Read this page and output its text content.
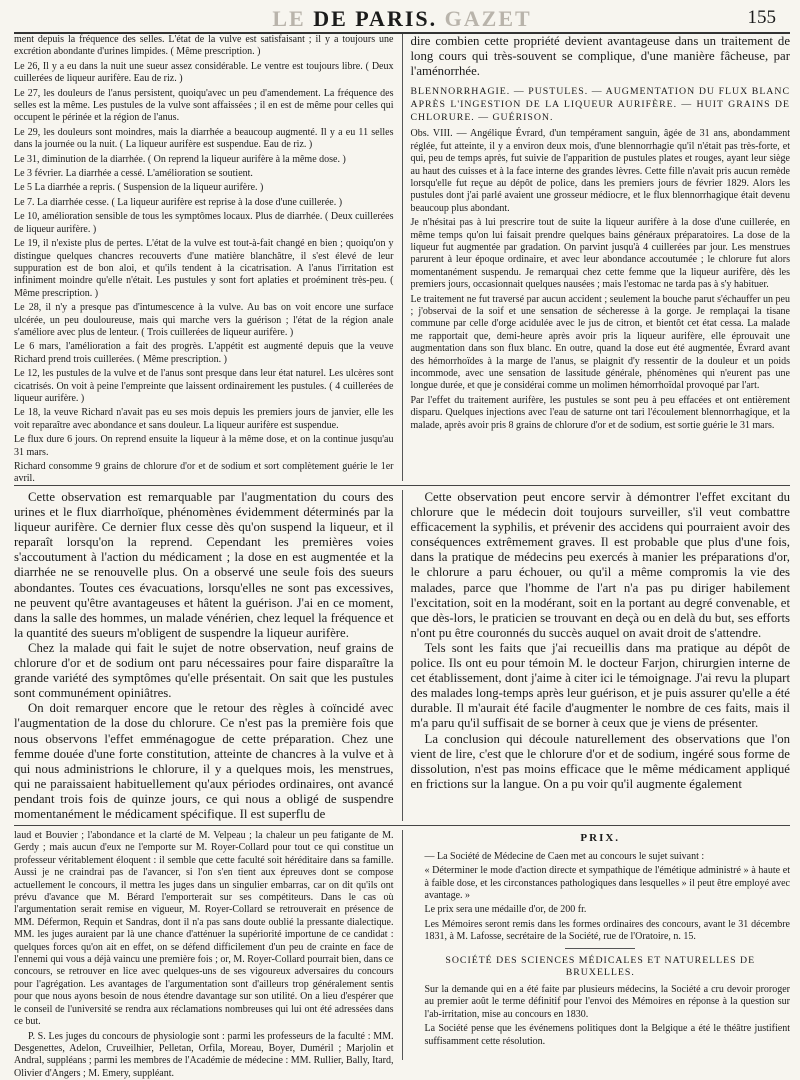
LE DE PARIS. GAZET	155

ment depuis la fréquence des selles. L'état de la vulve est satisfaisant ; il y a toujours une excrétion abondante d'urines limpides. ( Même prescription. )

Le 26, Il y a eu dans la nuit une sueur assez considérable. Le ventre est toujours libre. ( Deux cuillerées de liqueur aurifère. Eau de riz. )

Le 27, les douleurs de l'anus persistent, quoiqu'avec un peu d'amendement. La fréquence des selles est la même. Les pustules de la vulve sont affaissées ; il en est de même pour celles qui occupent le périnée et la région de l'anus.

Le 29, les douleurs sont moindres, mais la diarrhée a beaucoup augmenté. Il y a eu 11 selles dans la journée ou la nuit. ( La liqueur aurifère est suspendue. Eau de riz. )

Le 31, diminution de la diarrhée. ( On reprend la liqueur aurifère à la même dose. )

Le 3 février. La diarrhée a cessé. L'amélioration se soutient.

Le 5 La diarrhée a repris. ( Suspension de la liqueur aurifère. )

Le 7. La diarrhée cesse. ( La liqueur aurifère est reprise à la dose d'une cuillerée. )

Le 10, amélioration sensible de tous les symptômes locaux. Plus de diarrhée. ( Deux cuillerées de liqueur aurifère. )

Le 19, il n'existe plus de pertes. L'état de la vulve est tout-à-fait changé en bien ; quoiqu'on y distingue quelques chancres recouverts d'une matière blanchâtre, il s'est élevé de leur suppuration est de bon aloi, et qu'ils tendent à la cicatrisation. A l'anus l'irritation est infiniment moindre qu'elle n'était. Les pustules y sont fort aplaties et proéminent très-peu. ( Même prescription. )

Le 28, il n'y a presque pas d'intumescence à la vulve. Au bas on voit encore une surface ulcérée, un peu douloureuse, mais qui marche vers la guérison ; l'état de la région anale s'améliore avec plus de lenteur. ( Trois cuillerées de liqueur aurifère. )

Le 6 mars, l'amélioration a fait des progrès. L'appétit est augmenté depuis que la veuve Richard prend trois cuillerées. ( Même prescription. )

Le 12, les pustules de la vulve et de l'anus sont presque dans leur état naturel. Les ulcères sont cicatrisés. On voit à peine l'empreinte que laissent ordinairement les pustules. ( 4 cuillerées de liqueur aurifère. )

Le 18, la veuve Richard n'avait pas eu ses mois depuis les premiers jours de janvier, elle les voit reparaître avec abondance et sans douleur. La liqueur aurifère est suspendue.

Le flux dure 6 jours. On reprend ensuite la liqueur à la même dose, et on la continue jusqu'au 31 mars.

Richard consomme 9 grains de chlorure d'or et de sodium et sort complètement guérie le 1er avril.

dire combien cette propriété devient avantageuse dans un traitement de long cours qui très-souvent se complique, d'une manière fâcheuse, par l'aménorrhée.

BLENNORRHAGIE. — PUSTULES. — AUGMENTATION DU FLUX BLANC APRÈS L'INGESTION DE LA LIQUEUR AURIFÈRE. — HUIT GRAINS DE CHLORURE. — GUÉRISON.

Obs. VIII. — Angélique Évrard, d'un tempérament sanguin, âgée de 31 ans, abondamment réglée, fut atteinte, il y a environ deux mois, d'une blennorrhagie qu'il n'était pas très-forte, et qui, peu de temps après, fut suivie de l'apparition de pustules plates et rouges, ayant leur siège au haut des cuisses et à la face interne des grandes lèvres. Cette fille n'avait pris aucun remède lorsqu'elle fut reçue au dépôt de police, dans les premiers jours de février 1829. Alors les pustules dont j'ai parlé avaient une grosseur médiocre, et le flux blennorrhagique était devenu beaucoup plus abondant.

Je n'hésitai pas à lui prescrire tout de suite la liqueur aurifère à la dose d'une cuillerée, en même temps qu'on lui faisait prendre quelques bains généraux préparatoires. La dose de la liqueur fut augmentée par gradation. On parvint jusqu'à 4 cuillerées par jour. Les menstrues parurent à leur époque ordinaire, et avec leur abondance accoutumée ; le chlorure fut alors momentanément suspendu. Je remarquai chez cette femme que la liqueur aurifère, dès les premiers jours, occasionnait quelques nausées ; mais l'estomac ne tarda pas à s'y habituer.

Le traitement ne fut traversé par aucun accident ; seulement la bouche parut s'échauffer un peu ; j'observai de la soif et une sensation de sécheresse à la gorge. Je remplaçai la tisane commune par celle d'orge acidulée avec le jus de citron, et bientôt cet état cessa. La malade me rapportait que, demi-heure après avoir pris la liqueur aurifère, elle éprouvait une augmentation dans son flux blanc. En outre, quand la dose eut été augmentée, Évrard avant des hémorrhoïdes à la marge de l'anus, se plaignit d'y ressentir de la douleur et un poids incommode, avec une sensation de lassitude générale, phénomènes qui n'eurent pas une longue durée, et que je considérai comme un molimen hémorrhoïdal provoqué par l'art.

Par l'effet du traitement aurifère, les pustules se sont peu à peu effacées et ont entièrement disparu. Quelques injections avec l'eau de saturne ont tari l'écoulement blennorrhagique, et la malade, après avoir pris 8 grains de chlorure d'or et de sodium, est sortie guérie le 31 mars.

Cette observation est remarquable par l'augmentation du cours des urines et le flux diarrhoïque, phénomènes évidemment déterminés par la liqueur aurifère. Ce dernier flux cesse dès qu'on suspend la liqueur, et il reparaît lorsqu'on la reprend. Cependant les premières voies s'accoutument à l'action du médicament ; la dose en est augmentée et la diarrhée ne se renouvelle plus. On a observé une seule fois des sueurs abondantes. Toutes ces évacuations, lorsqu'elles ne sont pas excessives, ne peuvent qu'être avantageuses et hâtent la guérison. J'ai en ce moment, dans la salle des hommes, un malade vénérien, chez lequel la fréquence et la quantité des sueurs m'obligent de suspendre la liqueur aurifère.

Chez la malade qui fait le sujet de notre observation, neuf grains de chlorure d'or et de sodium ont paru nécessaires pour faire disparaître la grande variété des symptômes qu'elle présentait. On sait que les pustules sont communément opiniâtres.

On doit remarquer encore que le retour des règles à coïncidé avec l'augmentation de la dose du chlorure. Ce n'est pas la première fois que nous observons l'effet emménagogue de cette préparation. Chez une femme douée d'une forte constitution, atteinte de chancres à la vulve et à qui nous administrions le chlorure, il y a quelques mois, les menstrues, qui ne paraissaient habituellement qu'aux périodes ordinaires, ont avancé pendant trois fois de quinze jours, ce qui nous a obligé de suspendre momentanément le médicament spécifique. Il est superflu de

Cette observation peut encore servir à démontrer l'effet excitant du chlorure que le médecin doit toujours surveiller, s'il veut combattre efficacement la syphilis, et prévenir des accidens qui pourraient avoir des conséquences extrêmement graves. Il est probable que plus d'une fois, dans la pratique de médecins peu exercés à manier les préparations d'or, le chlorure a paru échouer, ou qu'il a même compromis la vie des malades, parce que l'homme de l'art n'a pas pu diriger habilement l'excitation, soit en la modérant, soit en la portant au degré convenable, et que dès-lors, le praticien se trouvant en deçà ou en delà du but, ses efforts n'ont pu être couronnés du succès auquel on avait droit de s'attendre.

Tels sont les faits que j'ai recueillis dans ma pratique au dépôt de police. Ils ont eu pour témoin M. le docteur Farjon, chirurgien interne de cet établissement, dont j'aime à citer ici le témoignage. J'ai revu la plupart des malades long-temps après leur guérison, et je puis assurer qu'elle a été durable. Il m'aurait été facile d'augmenter le nombre de ces faits, mais il m'a paru qu'il suffisait de se borner à ceux que je viens de présenter.

La conclusion qui découle naturellement des observations que l'on vient de lire, c'est que le chlorure d'or et de sodium, ingéré sous forme de dissolution, n'est pas moins efficace que le même médicament appliqué en frictions sur la langue. On a pu voir qu'il augmente également

laud et Bouvier ; l'abondance et la clarté de M. Velpeau ; la chaleur un peu fatigante de M. Gerdy ; mais aucun d'eux ne l'emporte sur M. Royer-Collard pour tout ce qui constitue un professeur véritablement éloquent : il semble que cette faculté soit héréditaire dans sa famille. Aussi je ne craindrai pas de l'avancer, si l'on s'en tient aux épreuves dont se compose actuellement le concours, il mettra les juges dans un singulier embarras, car on dit qu'ils ont prévu d'avance que M. Bérard l'emporterait sur ses compétiteurs. Dans le cas où l'argumentation serait remise en vigueur, M. Royer-Collard se retrouverait en présence de MM. Défermon, Requin et Sandras, dont il n'a pas sans doute oublié la pressante dialectique. MM. les juges auraient par là une chance d'atténuer la supériorité importune de ce candidat : quelques forces qu'on ait en effet, on se défend difficilement d'un peu de crainte en face de l'ennemi qui vous a déjà vaincu une première fois ; or, M. Royer-Collard pourrait bien, dans ce concours, se retrouver en lice avec quelques-uns de ses vigoureux adversaires du concours pour l'agrégation. Les avantages de l'argumentation sont d'ailleurs trop généralement sentis pour que nous ayons besoin de nous étendre davantage sur son utilité. On a lieu d'espérer que le conseil de l'université se rendra aux réclamations nombreuses qui lui ont été adressées dans ce but.

P. S. Les juges du concours de physiologie sont : parmi les professeurs de la faculté : MM. Desgenettes, Adelon, Cruveilhier, Pelletan, Orfila, Moreau, Boyer, Duméril ; Marjolin et Andral, suppléans ; parmi les membres de l'Académie de médecine : MM. Rullier, Bally, Itard, Olivier d'Angers ; M. Emery, suppléant.

PRIX.

— La Société de Médecine de Caen met au concours le sujet suivant :

« Déterminer le mode d'action directe et sympathique de l'émétique administré » à haute et à faible dose, et les circonstances pathologiques dans lesquelles » il peut être employé avec avantage. »

Le prix sera une médaille d'or, de 200 fr.

Les Mémoires seront remis dans les formes ordinaires des concours, avant le 31 décembre 1831, à M. Lafosse, secrétaire de la Société, rue de l'Oratoire, n. 15.

SOCIÉTÉ DES SCIENCES MÉDICALES ET NATURELLES DE BRUXELLES.

Sur la demande qui en a été faite par plusieurs médecins, la Société a cru devoir proroger au premier août le terme définitif pour l'envoi des Mémoires en réponse à la question sur l'ab-irritation, mise au concours en 1830.

La Société pense que les événemens politiques dont la Belgique a été le théâtre justifient suffisamment cette résolution.
